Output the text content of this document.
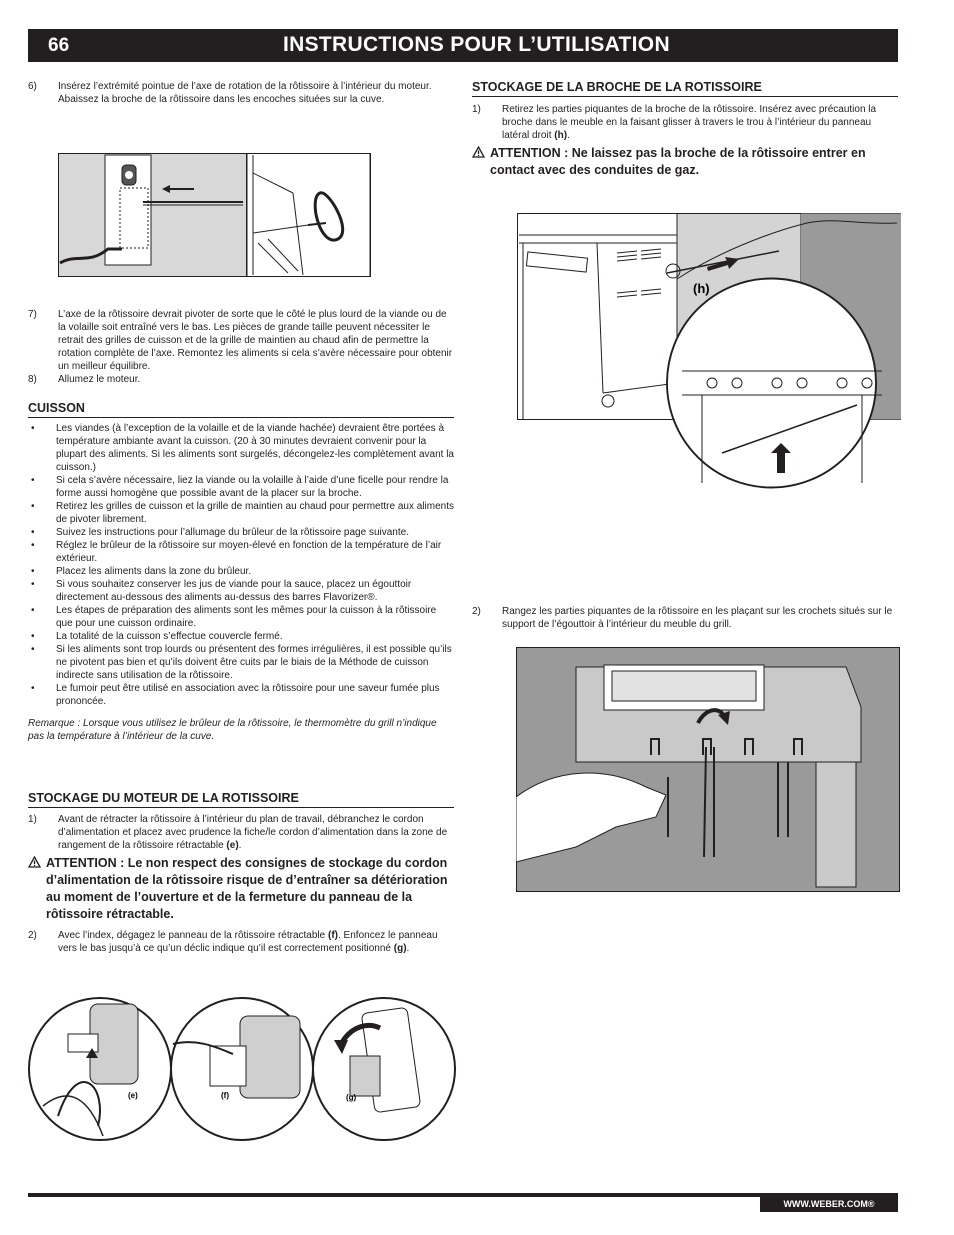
66	INSTRUCTIONS POUR L’UTILISATION
6) Insérez l’extrémité pointue de l’axe de rotation de la rôtissoire à l’intérieur du moteur. Abaissez la broche de la rôtissoire dans les encoches situées sur la cuve.
7) L’axe de la rôtissoire devrait pivoter de sorte que le côté le plus lourd de la viande ou de la volaille soit entraîné vers le bas. Les pièces de grande taille peuvent nécessiter le retrait des grilles de cuisson et de la grille de maintien au chaud afin de permettre la rotation complète de l’axe. Remontez les aliments si cela s’avère nécessaire pour obtenir un meilleur équilibre.
8) Allumez le moteur.
CUISSON
• Les viandes (à l’exception de la volaille et de la viande hachée) devraient être portées à température ambiante avant la cuisson. (20 à 30 minutes devraient convenir pour la plupart des aliments. Si les aliments sont surgelés, décongelez-les complètement avant la cuisson.)
• Si cela s’avère nécessaire, liez la viande ou la volaille à l’aide d’une ficelle pour rendre la forme aussi homogène que possible avant de la placer sur la broche.
• Retirez les grilles de cuisson et la grille de maintien au chaud pour permettre aux aliments de pivoter librement.
• Suivez les instructions pour l’allumage du brûleur de la rôtissoire page suivante.
• Réglez le brûleur de la rôtissoire sur moyen-élevé en fonction de la température de l’air extérieur.
• Placez les aliments dans la zone du brûleur.
• Si vous souhaitez conserver les jus de viande pour la sauce, placez un égouttoir directement au-dessous des aliments au-dessus des barres Flavorizer®.
• Les étapes de préparation des aliments sont les mêmes pour la cuisson à la rôtissoire que pour une cuisson ordinaire.
• La totalité de la cuisson s’effectue couvercle fermé.
• Si les aliments sont trop lourds ou présentent des formes irrégulières, il est possible qu’ils ne pivotent pas bien et qu’ils doivent être cuits par le biais de la Méthode de cuisson indirecte sans utilisation de la rôtissoire.
• Le fumoir peut être utilisé en association avec la rôtissoire pour une saveur fumée plus prononcée.
Remarque : Lorsque vous utilisez le brûleur de la rôtissoire, le thermomètre du grill n’indique pas la température à l’intérieur de la cuve.
STOCKAGE DU MOTEUR DE LA ROTISSOIRE
1) Avant de rétracter la rôtissoire à l’intérieur du plan de travail, débranchez le cordon d’alimentation et placez avec prudence la fiche/le cordon d’alimentation dans la zone de rangement de la rôtissoire rétractable (e).
ATTENTION : Le non respect des consignes de stockage du cordon d’alimentation de la rôtissoire risque de d’entraîner sa détérioration au moment de l’ouverture et de la fermeture du panneau de la rôtissoire rétractable.
2) Avec l’index, dégagez le panneau de la rôtissoire rétractable (f). Enfoncez le panneau vers le bas jusqu’à ce qu’un déclic indique qu’il est correctement positionné (g).
(e)	(f)	(g)
STOCKAGE DE LA BROCHE DE LA ROTISSOIRE
1) Retirez les parties piquantes de la broche de la rôtissoire. Insérez avec précaution la broche dans le meuble en la faisant glisser à travers le trou à l’intérieur du panneau latéral droit (h).
ATTENTION : Ne laissez pas la broche de la rôtissoire entrer en contact avec des conduites de gaz.
(h)
2) Rangez les parties piquantes de la rôtissoire en les plaçant sur les crochets situés sur le support de l’égouttoir à l’intérieur du meuble du grill.
WWW.WEBER.COM®
